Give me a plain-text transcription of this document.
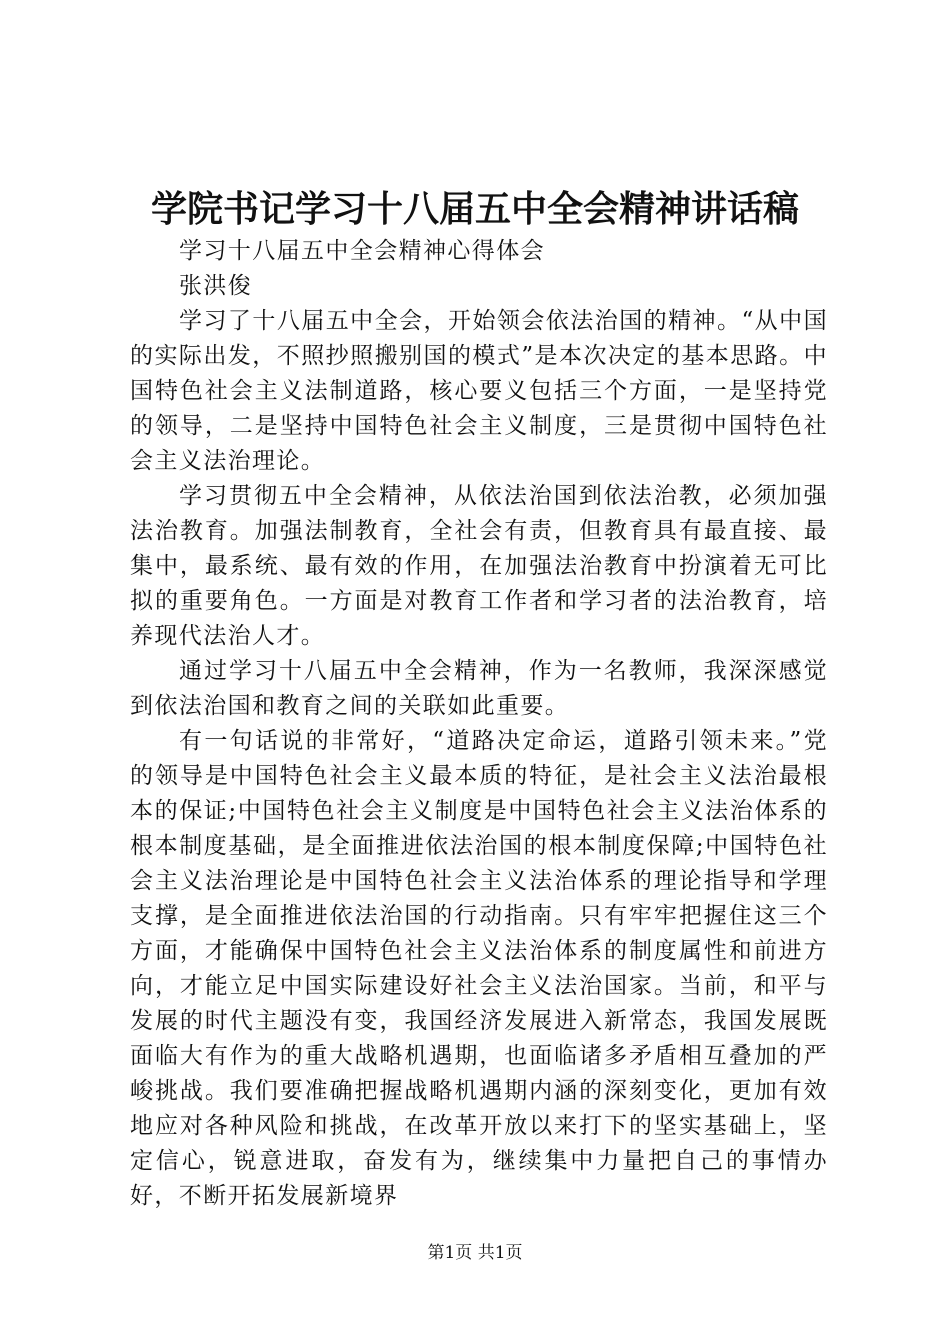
学院书记学习十八届五中全会精神讲话稿

学习十八届五中全会精神心得体会

张洪俊

学习了十八届五中全会，开始领会依法治国的精神。“从中国的实际出发，不照抄照搬别国的模式”是本次决定的基本思路。中国特色社会主义法制道路，核心要义包括三个方面，一是坚持党的领导，二是坚持中国特色社会主义制度，三是贯彻中国特色社会主义法治理论。

学习贯彻五中全会精神，从依法治国到依法治教，必须加强法治教育。加强法制教育，全社会有责，但教育具有最直接、最集中，最系统、最有效的作用，在加强法治教育中扮演着无可比拟的重要角色。一方面是对教育工作者和学习者的法治教育，培养现代法治人才。

通过学习十八届五中全会精神，作为一名教师，我深深感觉到依法治国和教育之间的关联如此重要。

有一句话说的非常好，“道路决定命运，道路引领未来。”党的领导是中国特色社会主义最本质的特征，是社会主义法治最根本的保证;中国特色社会主义制度是中国特色社会主义法治体系的根本制度基础，是全面推进依法治国的根本制度保障;中国特色社会主义法治理论是中国特色社会主义法治体系的理论指导和学理支撑，是全面推进依法治国的行动指南。只有牢牢把握住这三个方面，才能确保中国特色社会主义法治体系的制度属性和前进方向，才能立足中国实际建设好社会主义法治国家。当前，和平与发展的时代主题没有变，我国经济发展进入新常态，我国发展既面临大有作为的重大战略机遇期，也面临诸多矛盾相互叠加的严峻挑战。我们要准确把握战略机遇期内涵的深刻变化，更加有效地应对各种风险和挑战，在改革开放以来打下的坚实基础上，坚定信心，锐意进取，奋发有为，继续集中力量把自己的事情办好，不断开拓发展新境界

第1页 共1页
